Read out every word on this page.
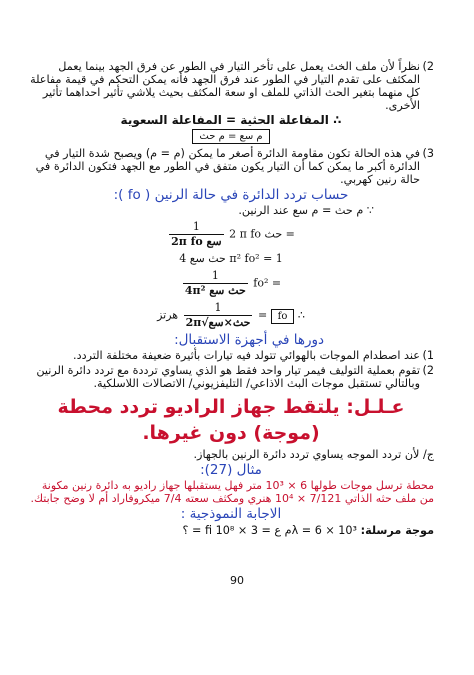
2)
نظراً لأن ملف الخث يعمل على تأخر التيار في الطور عن فرق الجهد بينما يعمل المكثف على تقدم التيار في الطور عند فرق الجهد فأنه يمكن التحكم في قيمة مفاعلة كل منهما بتغير الحث الذاتي للملف او سعة المكثف بحيث يلاشي تأثير احداهما تأثير الأخرى.
∴ المفاعلة الحثية = المفاعلة السعوية
م سع = م حث
3)
في هذه الحالة تكون مقاومة الدائرة أصغر ما يمكن (م = م) ويصبح شدة التيار في الدائرة أكبر ما يمكن كما أن التيار يكون متفق في الطور مع الجهد فتكون الدائرة في حالة رنين كهربي.
حساب تردد الدائرة في حالة الرنين ( fo ):
∵ م حث = م سع عند الرنين.
$\frac{1}{\text{2π fo سع}} 2$ π fo حث =
4 حث سع π² fo² = 1
$\frac{1}{\text{4π² حث سع}} fo^2$ =
هرتز $\frac{1}{\text{2π√حث×سع}}$ = fo ∴
دورها في أجهزة الاستقبال:
1)
عند اصطدام الموجات بالهوائي تتولد فيه تيارات بأثيرة ضعيفة مختلفة التردد.
2)
تقوم بعملية التوليف فيمر تيار واحد فقط هو الذي يساوي ترددة مع تردد دائرة الرنين وبالتالي تستقبل موجات البث الاذاعي/ التليفزيوني/ الاتصالات اللاسلكية.
عـلـل: يلتقط جهاز الراديو تردد محطة (موجة) دون غيرها.
ج/ لأن تردد الموجه يساوي تردد دائرة الرنين بالجهاز.
مثال (27):
محطة ترسل موجات طولها 6 × 10³ متر فهل يستقبلها جهاز راديو به دائرة رنين مكونة من ملف حثه الذاتي 7/121 × 10⁴ هنري ومكثف سعته 7/4 ميكروفاراد أم لا وضح جابتك.
الاجابة النموذجية :
موجة مرسلة: λ = 6 × 10³م ع = 3 × 10⁸ fi = ؟
90
